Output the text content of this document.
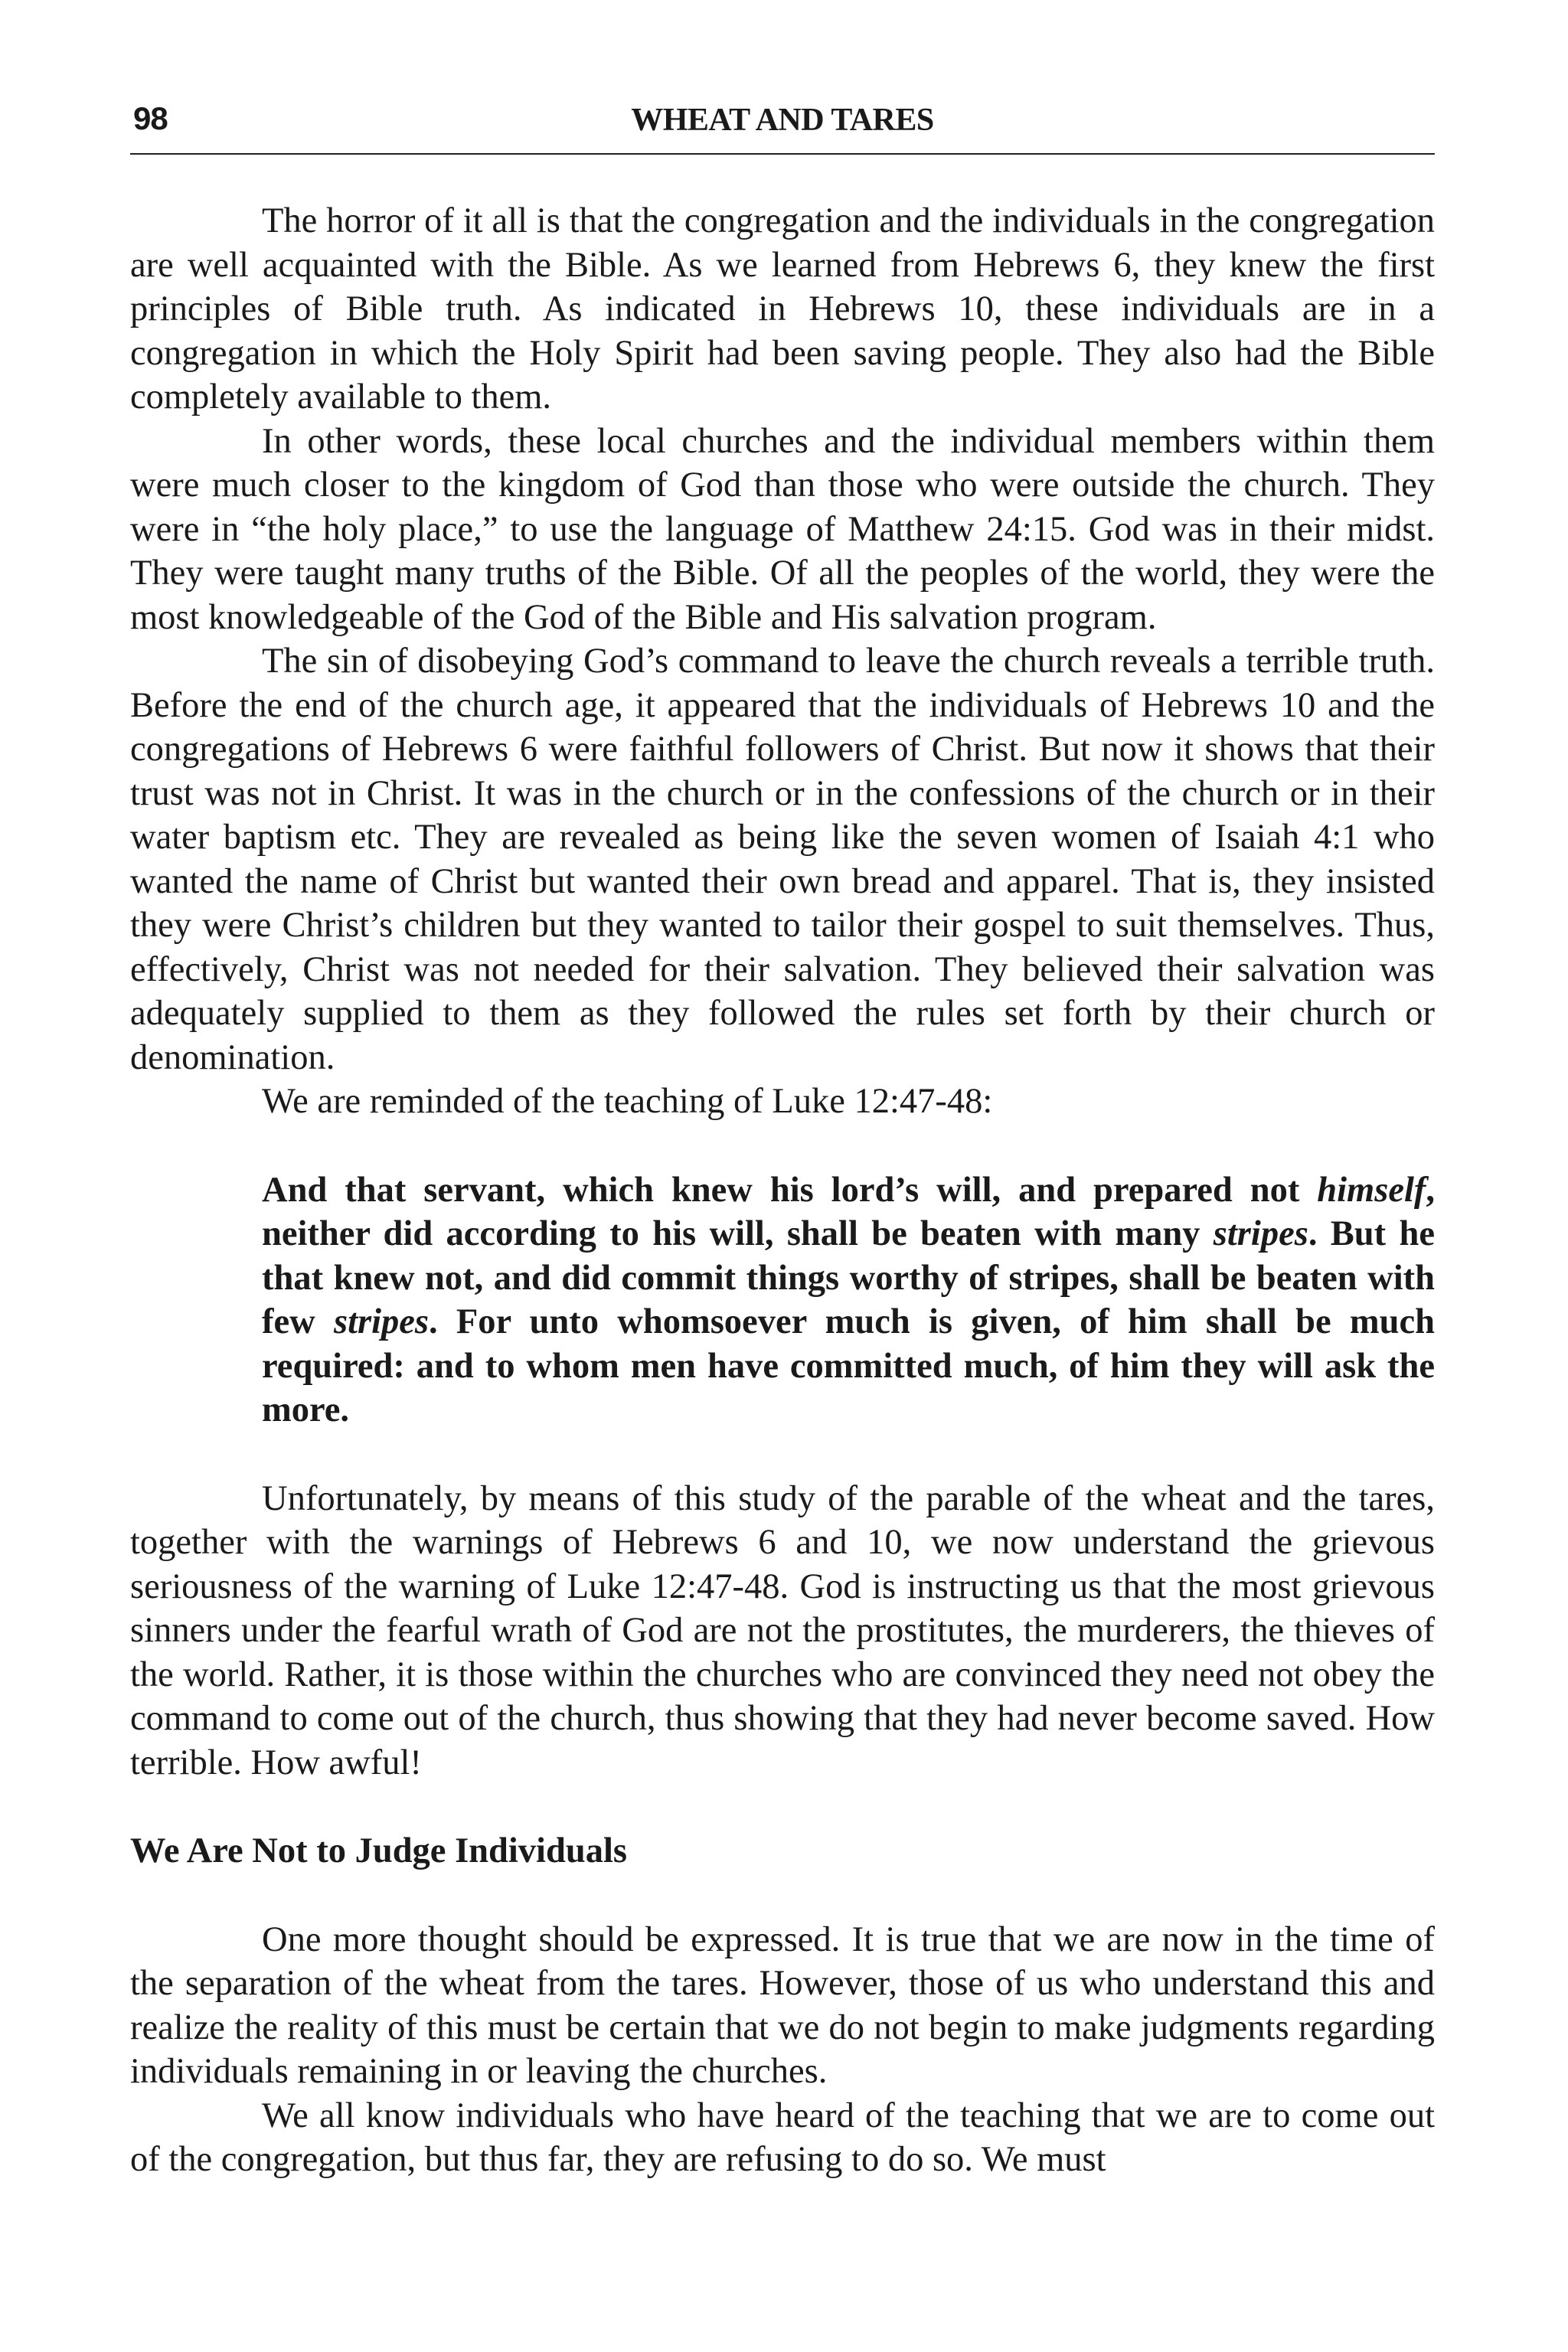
98	WHEAT AND TARES

The horror of it all is that the congregation and the individuals in the congregation are well acquainted with the Bible. As we learned from Hebrews 6, they knew the first principles of Bible truth. As indicated in Hebrews 10, these individuals are in a congregation in which the Holy Spirit had been saving people. They also had the Bible completely available to them.

In other words, these local churches and the individual members within them were much closer to the kingdom of God than those who were outside the church. They were in “the holy place,” to use the language of Matthew 24:15. God was in their midst. They were taught many truths of the Bible. Of all the peoples of the world, they were the most knowledgeable of the God of the Bible and His salvation program.

The sin of disobeying God’s command to leave the church reveals a terrible truth. Before the end of the church age, it appeared that the individuals of Hebrews 10 and the congregations of Hebrews 6 were faithful followers of Christ. But now it shows that their trust was not in Christ. It was in the church or in the confessions of the church or in their water baptism etc. They are revealed as being like the seven women of Isaiah 4:1 who wanted the name of Christ but wanted their own bread and apparel. That is, they insisted they were Christ’s children but they wanted to tailor their gospel to suit themselves. Thus, effectively, Christ was not needed for their salvation. They believed their salvation was adequately supplied to them as they followed the rules set forth by their church or denomination.

We are reminded of the teaching of Luke 12:47-48:

And that servant, which knew his lord’s will, and prepared not himself, neither did according to his will, shall be beaten with many stripes. But he that knew not, and did commit things worthy of stripes, shall be beaten with few stripes. For unto whomsoever much is given, of him shall be much required: and to whom men have committed much, of him they will ask the more.

Unfortunately, by means of this study of the parable of the wheat and the tares, together with the warnings of Hebrews 6 and 10, we now understand the grievous seriousness of the warning of Luke 12:47-48. God is instructing us that the most grievous sinners under the fearful wrath of God are not the prostitutes, the murderers, the thieves of the world. Rather, it is those within the churches who are convinced they need not obey the command to come out of the church, thus showing that they had never become saved. How terrible. How awful!

We Are Not to Judge Individuals

One more thought should be expressed. It is true that we are now in the time of the separation of the wheat from the tares. However, those of us who understand this and realize the reality of this must be certain that we do not begin to make judgments regarding individuals remaining in or leaving the churches.

We all know individuals who have heard of the teaching that we are to come out of the congregation, but thus far, they are refusing to do so. We must
